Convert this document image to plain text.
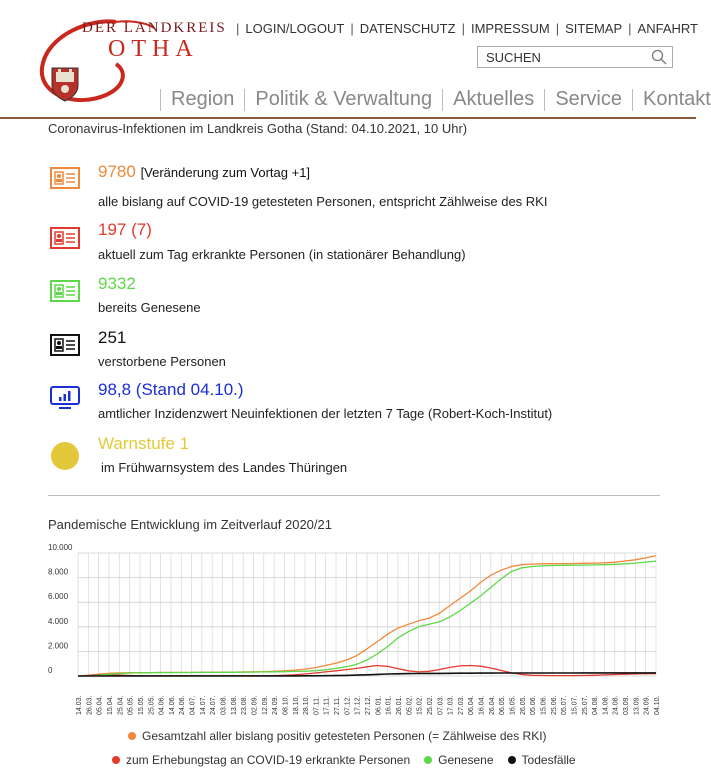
DER LANDKREIS
OTHA
| LOGIN/LOGOUT | DATENSCHUTZ | IMPRESSUM | SITEMAP | ANFAHRT
SUCHEN
Region Politik & Verwaltung Aktuelles Service Kontakt
Coronavirus-Infektionen im Landkreis Gotha (Stand: 04.10.2021, 10 Uhr)
9780 [Veränderung zum Vortag +1]
alle bislang auf COVID-19 getesteten Personen, entspricht Zählweise des RKI
197 (7)
aktuell zum Tag erkrankte Personen (in stationärer Behandlung)
9332
bereits Genesene
251
verstorbene Personen
98,8 (Stand 04.10.)
amtlicher Inzidenzwert Neuinfektionen der letzten 7 Tage (Robert-Koch-Institut)
Warnstufe 1
im Frühwarnsystem des Landes Thüringen
Pandemische Entwicklung im Zeitverlauf 2020/21
10.000
8.000
6.000
4.000
2.000
0
14.03. 26.03. 05.04. 15.04. 25.04. 05.05. 15.05. 25.05. 04.06. 14.06. 24.06. 04.07. 14.07. 24.07. 03.08. 13.08. 23.08. 02.09. 12.09. 24.09. 08.10. 18.10. 28.10. 07.11. 17.11. 27.11. 07.12. 17.12. 27.12. 06.01. 16.01. 26.01. 05.02. 15.02. 25.02. 07.03. 17.03. 27.03. 06.04. 16.04. 26.04. 06.05. 16.05. 26.05. 05.06. 15.06. 25.06. 05.07. 15.07. 25.07. 04.08. 14.08. 24.08. 03.09. 13.09. 24.09. 04.10.
Gesamtzahl aller bislang positiv getesteten Personen (= Zählweise des RKI)
zum Erhebungstag an COVID-19 erkrankte Personen Genesene Todesfälle
